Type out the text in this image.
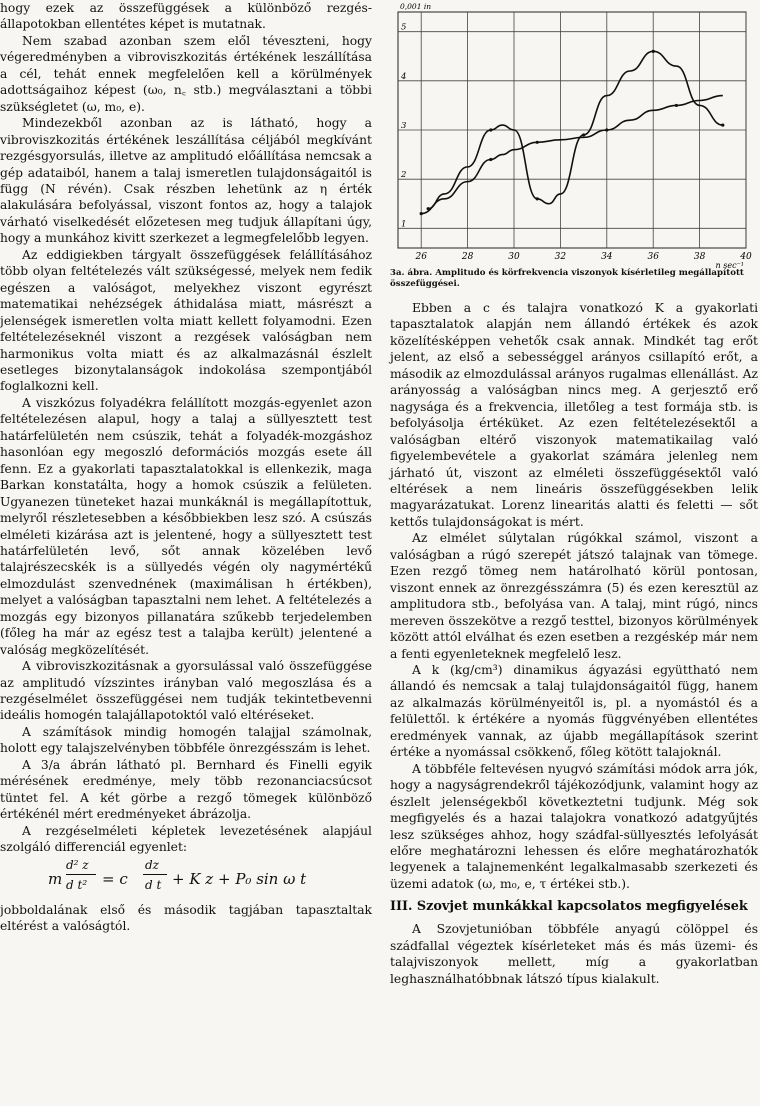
hogy ezek az összefüggések a különböző rezgés-állapotokban ellentétes képet is mutatnak.

Nem szabad azonban szem elől téveszteni, hogy végeredményben a vibroviszkozitás értékének leszállítása a cél, tehát ennek megfelelően kell a körülmények adottságaihoz képest (ω₀, n꜀ stb.) megválasztani a többi szükségletet (ω, m₀, e).

Mindezekből azonban az is látható, hogy a vibroviszkozitás értékének leszállítása céljából megkívánt rezgésgyorsulás, illetve az amplitudó előállítása nemcsak a gép adataiból, hanem a talaj ismeretlen tulajdonságaitól is függ (N révén). Csak részben lehetünk az η érték alakulására befolyással, viszont fontos az, hogy a talajok várható viselkedését előzetesen meg tudjuk állapítani úgy, hogy a munkához kivitt szerkezet a legmegfelelőbb legyen.

Az eddigiekben tárgyalt összefüggések felállításához több olyan feltételezés vált szükségessé, melyek nem fedik egészen a valóságot, melyekhez viszont egyrészt matematikai nehézségek áthidalása miatt, másrészt a jelenségek ismeretlen volta miatt kellett folyamodni. Ezen feltételezéseknél viszont a rezgések valóságban nem harmonikus volta miatt és az alkalmazásnál észlelt esetleges bizonytalanságok indokolása szempontjából foglalkozni kell.

A viszkózus folyadékra felállított mozgás-egyenlet azon feltételezésen alapul, hogy a talaj a süllyesztett test határfelületén nem csúszik, tehát a folyadék-mozgáshoz hasonlóan egy megoszló deformációs mozgás esete áll fenn. Ez a gyakorlati tapasztalatokkal is ellenkezik, maga Barkan konstatálta, hogy a homok csúszik a felületen. Ugyanezen tüneteket hazai munkáknál is megállapítottuk, melyről részletesebben a későbbiekben lesz szó. A csúszás elméleti kizárása azt is jelentené, hogy a süllyesztett test határfelületén levő, sőt annak közelében levő talajrészecskék is a süllyedés végén oly nagymértékű elmozdulást szenvednének (maximálisan h értékben), melyet a valóságban tapasztalni nem lehet. A feltételezés a mozgás egy bizonyos pillanatára szűkebb terjedelemben (főleg ha már az egész test a talajba került) jelentené a valóság megközelítését.

A vibroviszkozitásnak a gyorsulással való összefüggése az amplitudó vízszintes irányban való megoszlása és a rezgéselmélet összefüggései nem tudják tekintetbevenni ideális homogén talajállapotoktól való eltéréseket.

A számítások mindig homogén talajjal számolnak, holott egy talajszelvényben többféle önrezgésszám is lehet.

A 3/a ábrán látható pl. Bernhard és Finelli egyik mérésének eredménye, mely több rezonanciacsúcsot tüntet fel. A két görbe a rezgő tömegek különböző értékénél mért eredményeket ábrázolja.

A rezgéselméleti képletek levezetésének alapjául szolgáló differenciál egyenlet:

m
d² z
d t² = c
dz
d t + K z + P₀ sin ω t

jobboldalának első és második tagjában tapasztaltak eltérést a valóságtól.

26	28	30	32	34	36	38	40
1
2
3
4
5
0,001 in
n sec⁻¹

3a. ábra. Amplitudo és körfrekvencia viszonyok kísérletileg megállapított összefüggései.

Ebben a c és talajra vonatkozó K a gyakorlati tapasztalatok alapján nem állandó értékek és azok közelítésképpen vehetők csak annak. Mindkét tag erőt jelent, az első a sebességgel arányos csillapító erőt, a második az elmozdulással arányos rugalmas ellenállást. Az arányosság a valóságban nincs meg. A gerjesztő erő nagysága és a frekvencia, illetőleg a test formája stb. is befolyásolja értéküket. Az ezen feltételezésektől a valóságban eltérő viszonyok matematikailag való figyelembevétele a gyakorlat számára jelenleg nem járható út, viszont az elméleti összefüggésektől való eltérések a nem lineáris összefüggésekben lelik magyarázatukat. Lorenz linearitás alatti és feletti — sőt kettős tulajdonságokat is mért.

Az elmélet súlytalan rúgókkal számol, viszont a valóságban a rúgó szerepét játszó talajnak van tömege. Ezen rezgő tömeg nem határolható körül pontosan, viszont ennek az önrezgésszámra (5) és ezen keresztül az amplitudora stb., befolyása van. A talaj, mint rúgó, nincs mereven összekötve a rezgő testtel, bizonyos körülmények között attól elválhat és ezen esetben a rezgéskép már nem a fenti egyenleteknek megfelelő lesz.

A k (kg/cm³) dinamikus ágyazási együttható nem állandó és nemcsak a talaj tulajdonságaitól függ, hanem az alkalmazás körülményeitől is, pl. a nyomástól és a felülettől. k értékére a nyomás függvényében ellentétes eredmények vannak, az újabb megállapítások szerint értéke a nyomással csökkenő, főleg kötött talajoknál.

A többféle feltevésen nyugvó számítási módok arra jók, hogy a nagyságrendekről tájékozódjunk, valamint hogy az észlelt jelenségekből következtetni tudjunk. Még sok megfigyelés és a hazai talajokra vonatkozó adatgyűjtés lesz szükséges ahhoz, hogy szádfal-süllyesztés lefolyását előre meghatározni lehessen és előre meghatározhatók legyenek a talajnemenként legalkalmasabb szerkezeti és üzemi adatok (ω, m₀, e, τ értékei stb.).

III. Szovjet munkákkal kapcsolatos megfigyelések

A Szovjetunióban többféle anyagú cölöppel és szádfallal végeztek kísérleteket más és más üzemi- és talajviszonyok mellett, míg a gyakorlatban leghasználhatóbbnak látszó típus kialakult.
